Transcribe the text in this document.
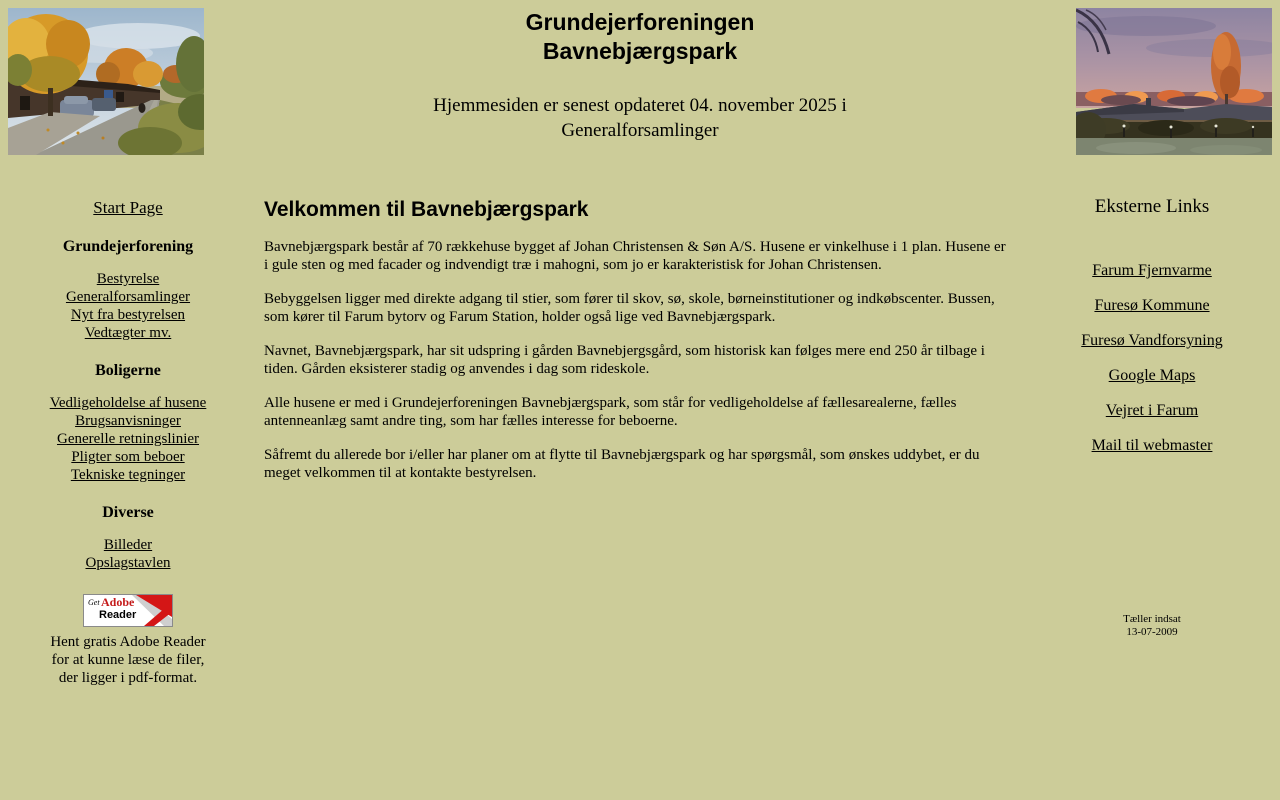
Grundejerforeningen
Bavnebjærgspark
Hjemmesiden er senest opdateret 04. november 2025 i Generalforsamlinger

Start Page

Grundejerforening

Bestyrelse
Generalforsamlinger
Nyt fra bestyrelsen
Vedtægter mv.

Boligerne

Vedligeholdelse af husene
Brugsanvisninger
Generelle retningslinier
Pligter som beboer
Tekniske tegninger

Diverse

Billeder
Opslagstavlen
Get Adobe
Reader
Hent gratis Adobe Reader
for at kunne læse de filer,
der ligger i pdf-format.
Velkommen til Bavnebjærgspark

Bavnebjærgspark består af 70 rækkehuse bygget af Johan Christensen & Søn A/S. Husene er vinkelhuse i 1 plan. Husene er i gule sten og med facader og indvendigt træ i mahogni, som jo er karakteristisk for Johan Christensen.

Bebyggelsen ligger med direkte adgang til stier, som fører til skov, sø, skole, børneinstitutioner og indkøbscenter. Bussen, som kører til Farum bytorv og Farum Station, holder også lige ved Bavnebjærgspark.

Navnet, Bavnebjærgspark, har sit udspring i gården Bavnebjergsgård, som historisk kan følges mere end 250 år tilbage i tiden. Gården eksisterer stadig og anvendes i dag som rideskole.

Alle husene er med i Grundejerforeningen Bavnebjærgspark, som står for vedligeholdelse af fællesarealerne, fælles antenneanlæg samt andre ting, som har fælles interesse for beboerne.

Såfremt du allerede bor i/eller har planer om at flytte til Bavnebjærgspark og har spørgsmål, som ønskes uddybet, er du meget velkommen til at kontakte bestyrelsen.

Eksterne Links

Farum Fjernvarme

Furesø Kommune

Furesø Vandforsyning

Google Maps

Vejret i Farum

Mail til webmaster

Tæller indsat
13-07-2009
